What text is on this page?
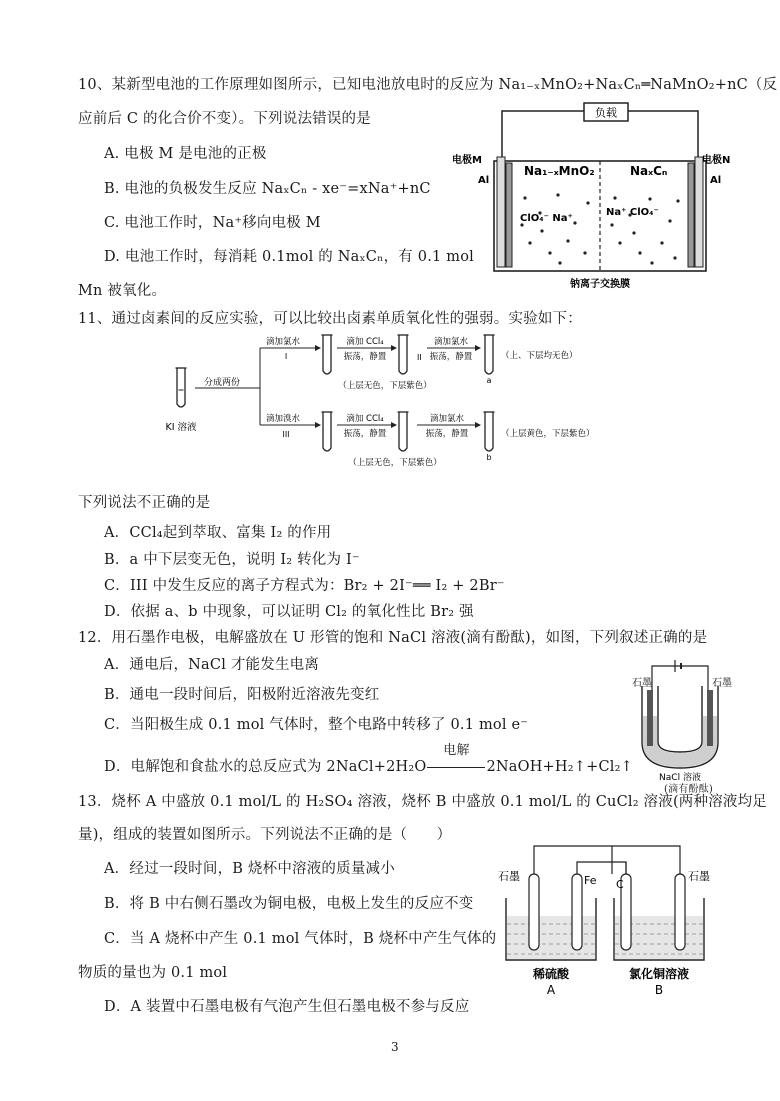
10、某新型电池的工作原理如图所示，已知电池放电时的反应为 Na₁₋ₓMnO₂+NaₓCₙ═NaMnO₂+nC（反
应前后 C 的化合价不变）。下列说法错误的是
A. 电极 M 是电池的正极
B. 电池的负极发生反应 NaₓCₙ - xe⁻=xNa⁺+nC
C. 电池工作时，Na⁺移向电极 M
D. 电池工作时，每消耗 0.1mol 的 NaₓCₙ，有 0.1 mol
Mn 被氧化。
负载
电极M
Al
电极N
Al
Na₁₋ₓMnO₂	NaₓCₙ
ClO₄⁻ Na⁺
Na⁺ ClO₄⁻
钠离子交换膜
11、通过卤素间的反应实验，可以比较出卤素单质氧化性的强弱。实验如下：
KI 溶液
分成两份
滴加氯水
I
滴加 CCl₄
振荡，静置	II
滴加氯水
振荡，静置
a
（上、下层均无色）
（上层无色，下层紫色）
滴加溴水
III
滴加 CCl₄
振荡，静置
滴加氯水
振荡，静置
b
（上层黄色，下层紫色）
（上层无色，下层紫色）
下列说法不正确的是
A．CCl₄起到萃取、富集 I₂ 的作用
B．a 中下层变无色，说明 I₂ 转化为 I⁻
C．III 中发生反应的离子方程式为：Br₂ + 2I⁻══ I₂ + 2Br⁻
D．依据 a、b 中现象，可以证明 Cl₂ 的氧化性比 Br₂ 强
12．用石墨作电极，电解盛放在 U 形管的饱和 NaCl 溶液(滴有酚酞)，如图，下列叙述正确的是
A．通电后，NaCl 才能发生电离
B．通电一段时间后，阳极附近溶液先变红
C．当阳极生成 0.1 mol 气体时，整个电路中转移了 0.1 mol e⁻
D．电解饱和食盐水的总反应式为 2NaCl+2H₂O
电解
2NaOH+H₂↑+Cl₂↑
石墨	石墨
NaCl 溶液
(滴有酚酞)
13．烧杯 A 中盛放 0.1 mol/L 的 H₂SO₄ 溶液，烧杯 B 中盛放 0.1 mol/L 的 CuCl₂ 溶液(两种溶液均足
量)，组成的装置如图所示。下列说法不正确的是（　　）
A．经过一段时间，B 烧杯中溶液的质量减小
B．将 B 中右侧石墨改为铜电极，电极上发生的反应不变
C．当 A 烧杯中产生 0.1 mol 气体时，B 烧杯中产生气体的
物质的量也为 0.1 mol
D．A 装置中石墨电极有气泡产生但石墨电极不参与反应
石墨	Fe C
石墨
稀硫酸
A
氯化铜溶液
B
3
